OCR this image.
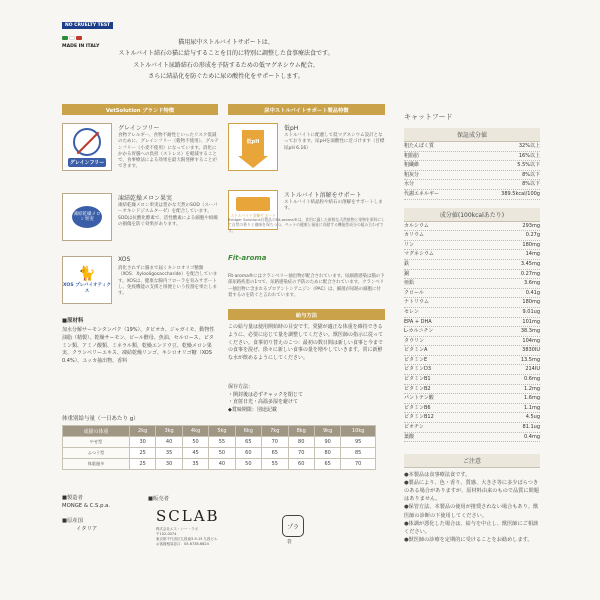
NO CRUELTY TEST
MADE IN ITALY
猫用尿中ストルバイトサポートは、
ストルバイト結石の猫に給与することを目的に特別に調整した食事療法食です。
ストルバイト尿路結石の形成を予防するための低マグネシウム配合、
さらに結晶化を防ぐために尿の酸性化をサポートします。
VetSolution ブランド特徴	尿中ストルバイトサポート製品特徴
グレインフリー
グレインフリー
食物アレルギー、食物不耐性といったリスク低減のために、グレインフリー（穀物不使用）、グルテンフリー（小麦不使用）になっています。消化にかかる胃腸への負担（ストレス）を軽減することで、食事療法による効果を最大限発揮することができます。
凍結乾燥メロン果実
凍結乾燥メロン果実
凍結乾燥メロン果実は豊かな天然のSOD（スーパーオキシドジスムターゼ）を配合しています。SODは抗酸化酵素で、活性酸素による細胞や組織の損傷を防ぐ効果があります。
🐈
XOS プレバイオティクス
XOS
消化されずに腸まで届くキシロオリゴ糖類（XOS：Xylooligosaccharide）を配合しています。XOSは、健康な腸内フローラを育みサポートし、免疫機能の支援と排便という役割を果たします。
低pH
低pH
ストルバイトに配慮して低マグネシウム設計となっております。尿pHを弱酸性に近づけます（目標尿pH 6.16）
ストルバイト溶解サポート
ストルバイト溶解をサポート
ストルバイト結晶粒や結石の溶解をサポートします。
Bridger Solutions社製品のFit-aroma®は、食用に適した新鮮な天然植物と果物を原料にして自然の香りと風味を保ちつつ、ペットの健康と福祉に貢献する機能性成分の組み合わせです。
Fit-aroma
Fit-aroma®にはクランベリー抽出物が配合されています。尿細菌感染は猫の下部尿路疾患の1つで、尿路感染症の予防のために配合されています。クランベリー抽出物に含まれるプロアントシアニジン（PAC）は、細菌が尿路の細胞に付着するのを防ぐと言われています。
給与方法
この給与量は使用開始時の目安です。愛猫が適正な体重を維持できるように、必要に応じて量を調整してください。獣医師の指示に従ってください。食事切り替えのこつ：最初の数日間は新しい食事と今までの食事を混ぜ、徐々に新しい食事の量を増やしていきます。常に新鮮な水が飲めるようにしてください。
保存方法：
・開封後は必ずチャックを閉じて
・直射日光・高温多湿を避けて
◆賞味期限：別途記載
■原材料
加水分解サーモンタンパク（19%）、タピオカ、ジャガイモ、動物性油脂（精製）、乾燥サーモン、ビール酵母、魚油、セルロース、ビタミン類、アミノ酸類、ミネラル類、乾燥エンドウ豆、乾燥メロン果実、クランベリーエキス、凍結乾燥リンゴ、キシロオリゴ糖（XOS 0.4%）、ユッカ抽出物、香料
体重別給与量（一日あたり g）
成猫の体重	2kg	3kg	4kg	5kg	6kg	7kg	8kg	9kg	10kg
やせ型	30	40	50	55	65	70	80	90	95
ふつう型	25	35	45	50	60	65	70	80	85
体重過多	25	30	35	40	50	55	60	65	70
■製造者
MONGE & C.S.p.a.
■原産国
イタリア
■販売者
SCLAB
株式会社エス・シー・ラボ
〒102-0074
東京都千代田区九段南3-9-15 九段ビル
お客様相談窓口：05-6738-6824
プラ
袋
キャットフード
保証成分値
粗たんぱく質	32%以上
粗脂肪	16%以上
粗繊維	5.5%以下
粗灰分	8%以下
水分	8%以下
代謝エネルギー	389.5kcal/100g
成分値(100kcalあたり)
カルシウム	293mg
カリウム	0.27g
リン	180mg
マグネシウム	14mg
鉄	3.45mg
銅	0.27mg
亜鉛	3.6mg
クロール	0.41g
ナトリウム	180mg
セレン	9.01ug
EPA + DHA	101mg
L-カルニチン	38.3mg
タウリン	104mg
ビタミンA	3830IU
ビタミンE	13.5mg
ビタミンD3	214IU
ビタミンB1	0.6mg
ビタミンB2	1.2mg
パントテン酸	1.6mg
ビタミンB6	1.1mg
ビタミンB12	4.5ug
ビオチン	81.1ug
葉酸	0.4mg
ご注意
●本製品は食事療法食です。
●製品により、色・香り、質感、大きさ等に多少ばらつきのある場合がありますが、原材料由来のもので品質に問題はありません。
●保管方法、本製品の使用が推奨されない場合もあり、獣医師の診断の下使用してください。
●体調が悪化した場合は、給与を中止し、獣医師にご相談ください。
●獣医師の診療を定期的に受けることをお勧めします。
